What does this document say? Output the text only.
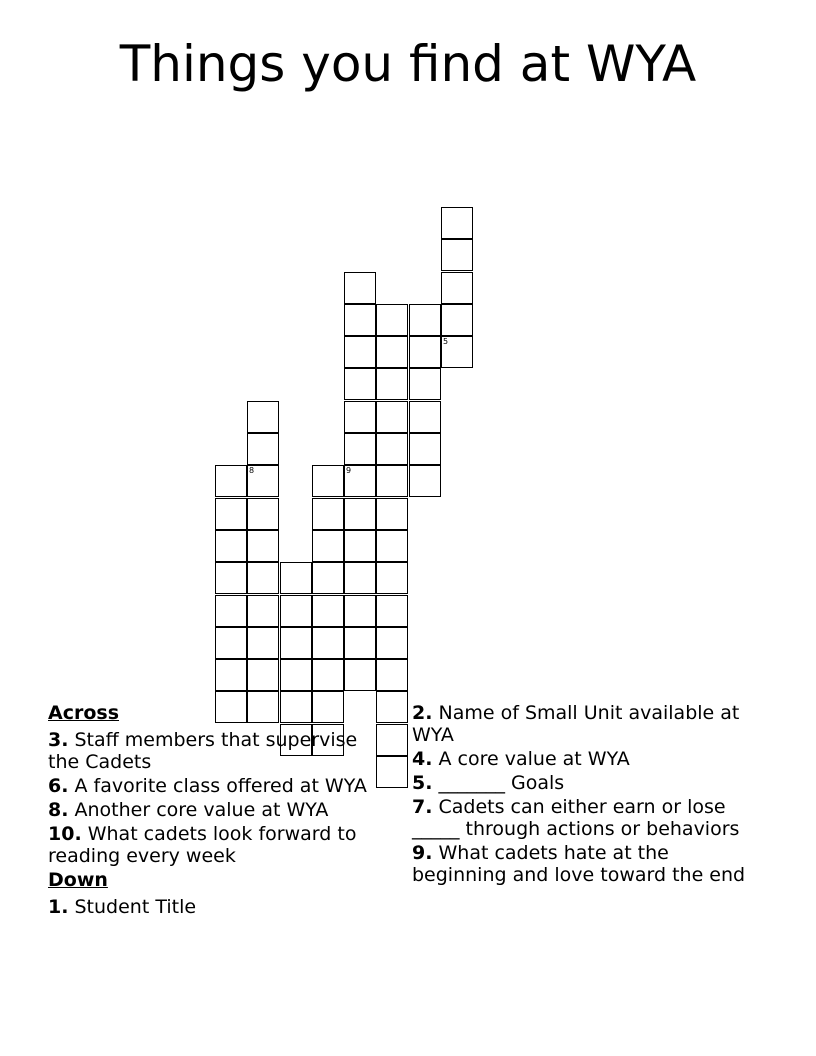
Things you find at WYA
5
9
8
Across
3. Staff members that supervise the Cadets
6. A favorite class offered at WYA
8. Another core value at WYA
10. What cadets look forward to reading every week
Down
1. Student Title
2. Name of Small Unit available at WYA
4. A core value at WYA
5. _______ Goals
7. Cadets can either earn or lose _____ through actions or behaviors
9. What cadets hate at the beginning and love toward the end
